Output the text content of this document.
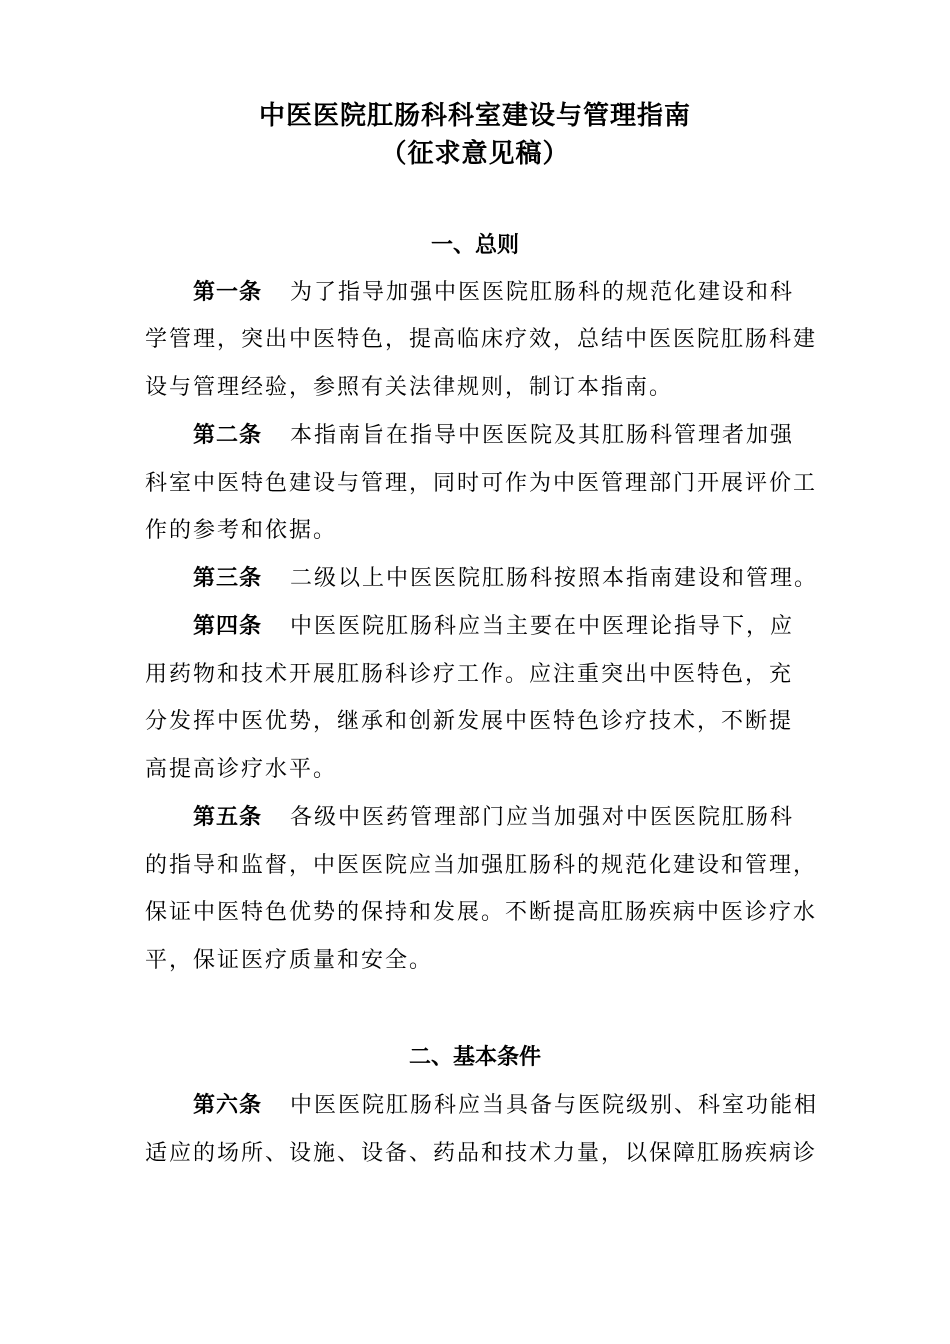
中医医院肛肠科科室建设与管理指南
（征求意见稿）
一、总则
第一条 为了指导加强中医医院肛肠科的规范化建设和科
学管理，突出中医特色，提高临床疗效，总结中医医院肛肠科建
设与管理经验，参照有关法律规则，制订本指南。
第二条 本指南旨在指导中医医院及其肛肠科管理者加强
科室中医特色建设与管理，同时可作为中医管理部门开展评价工
作的参考和依据。
第三条 二级以上中医医院肛肠科按照本指南建设和管理。
第四条 中医医院肛肠科应当主要在中医理论指导下，应
用药物和技术开展肛肠科诊疗工作。应注重突出中医特色，充
分发挥中医优势，继承和创新发展中医特色诊疗技术，不断提
高提高诊疗水平。
第五条 各级中医药管理部门应当加强对中医医院肛肠科
的指导和监督，中医医院应当加强肛肠科的规范化建设和管理，
保证中医特色优势的保持和发展。不断提高肛肠疾病中医诊疗水
平，保证医疗质量和安全。
二、基本条件
第六条 中医医院肛肠科应当具备与医院级别、科室功能相
适应的场所、设施、设备、药品和技术力量，以保障肛肠疾病诊
